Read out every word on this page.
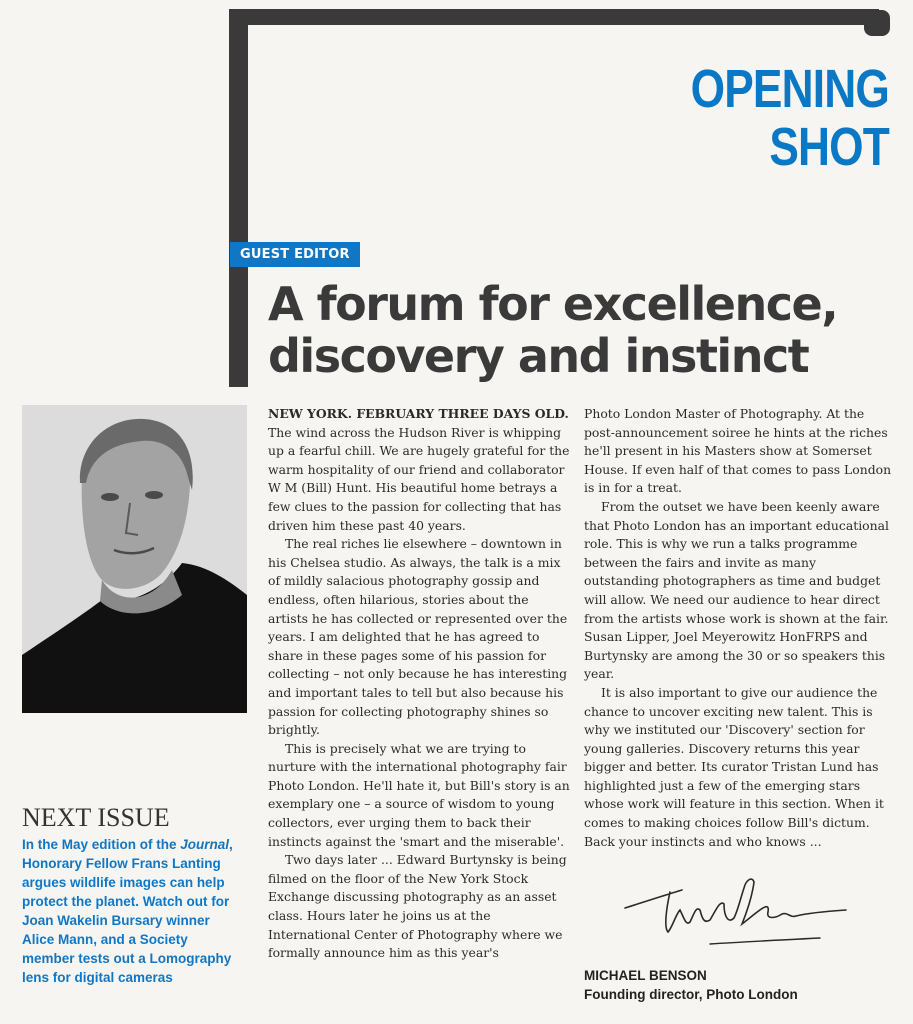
OPENING
SHOT
GUEST EDITOR
A forum for excellence,
discovery and instinct

NEXT ISSUE

In the May edition of the Journal, Honorary Fellow Frans Lanting argues wildlife images can help protect the planet. Watch out for Joan Wakelin Bursary winner Alice Mann, and a Society member tests out a Lomography lens for digital cameras

NEW YORK. FEBRUARY THREE DAYS OLD.
The wind across the Hudson River is whipping up a fearful chill. We are hugely grateful for the warm hospitality of our friend and collaborator W M (Bill) Hunt. His beautiful home betrays a few clues to the passion for collecting that has driven him these past 40 years.

The real riches lie elsewhere – downtown in his Chelsea studio. As always, the talk is a mix of mildly salacious photography gossip and endless, often hilarious, stories about the artists he has collected or represented over the years. I am delighted that he has agreed to share in these pages some of his passion for collecting – not only because he has interesting and important tales to tell but also because his passion for collecting photography shines so brightly.

This is precisely what we are trying to nurture with the international photography fair Photo London. He'll hate it, but Bill's story is an exemplary one – a source of wisdom to young collectors, ever urging them to back their instincts against the 'smart and the miserable'.

Two days later ... Edward Burtynsky is being filmed on the floor of the New York Stock Exchange discussing photography as an asset class. Hours later he joins us at the International Center of Photography where we formally announce him as this year's

Photo London Master of Photography. At the post-announcement soiree he hints at the riches he'll present in his Masters show at Somerset House. If even half of that comes to pass London is in for a treat.

From the outset we have been keenly aware that Photo London has an important educational role. This is why we run a talks programme between the fairs and invite as many outstanding photographers as time and budget will allow. We need our audience to hear direct from the artists whose work is shown at the fair. Susan Lipper, Joel Meyerowitz HonFRPS and Burtynsky are among the 30 or so speakers this year.

It is also important to give our audience the chance to uncover exciting new talent. This is why we instituted our 'Discovery' section for young galleries. Discovery returns this year bigger and better. Its curator Tristan Lund has highlighted just a few of the emerging stars whose work will feature in this section. When it comes to making choices follow Bill's dictum. Back your instincts and who knows ...

MICHAEL BENSON
Founding director, Photo London
